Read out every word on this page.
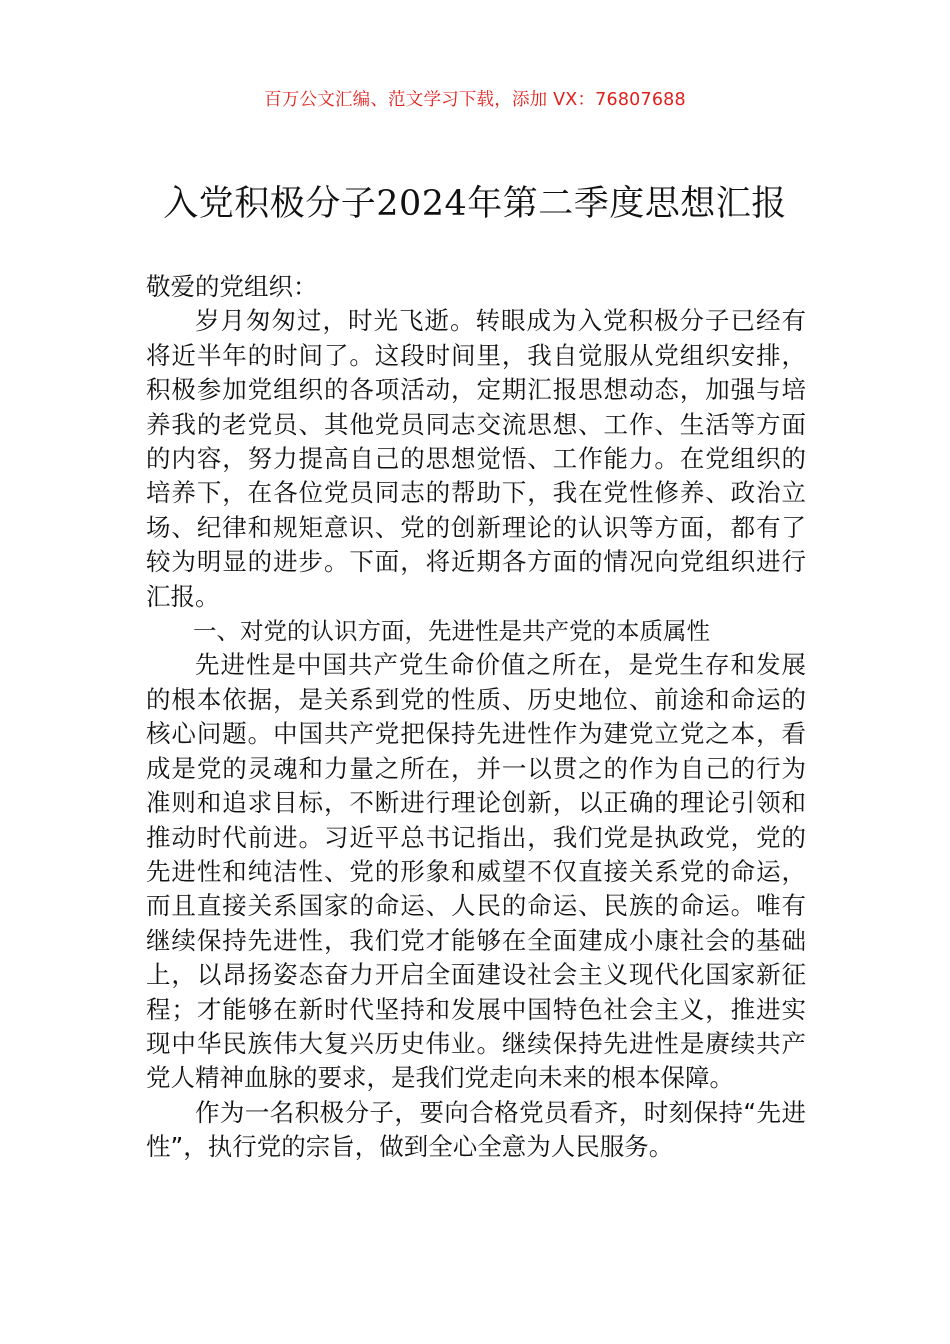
百万公文汇编、范文学习下载，添加 VX：76807688
入党积极分子2024年第二季度思想汇报

敬爱的党组织：

岁月匆匆过，时光飞逝。转眼成为入党积极分子已经有将近半年的时间了。这段时间里，我自觉服从党组织安排，积极参加党组织的各项活动，定期汇报思想动态，加强与培养我的老党员、其他党员同志交流思想、工作、生活等方面的内容，努力提高自己的思想觉悟、工作能力。在党组织的培养下，在各位党员同志的帮助下，我在党性修养、政治立场、纪律和规矩意识、党的创新理论的认识等方面，都有了较为明显的进步。下面，将近期各方面的情况向党组织进行汇报。

一、对党的认识方面，先进性是共产党的本质属性

先进性是中国共产党生命价值之所在，是党生存和发展的根本依据，是关系到党的性质、历史地位、前途和命运的核心问题。中国共产党把保持先进性作为建党立党之本，看成是党的灵魂和力量之所在，并一以贯之的作为自己的行为准则和追求目标，不断进行理论创新，以正确的理论引领和推动时代前进。习近平总书记指出，我们党是执政党，党的先进性和纯洁性、党的形象和威望不仅直接关系党的命运，而且直接关系国家的命运、人民的命运、民族的命运。唯有继续保持先进性，我们党才能够在全面建成小康社会的基础上，以昂扬姿态奋力开启全面建设社会主义现代化国家新征程；才能够在新时代坚持和发展中国特色社会主义，推进实现中华民族伟大复兴历史伟业。继续保持先进性是赓续共产党人精神血脉的要求，是我们党走向未来的根本保障。

作为一名积极分子，要向合格党员看齐，时刻保持“先进性”，执行党的宗旨，做到全心全意为人民服务。
